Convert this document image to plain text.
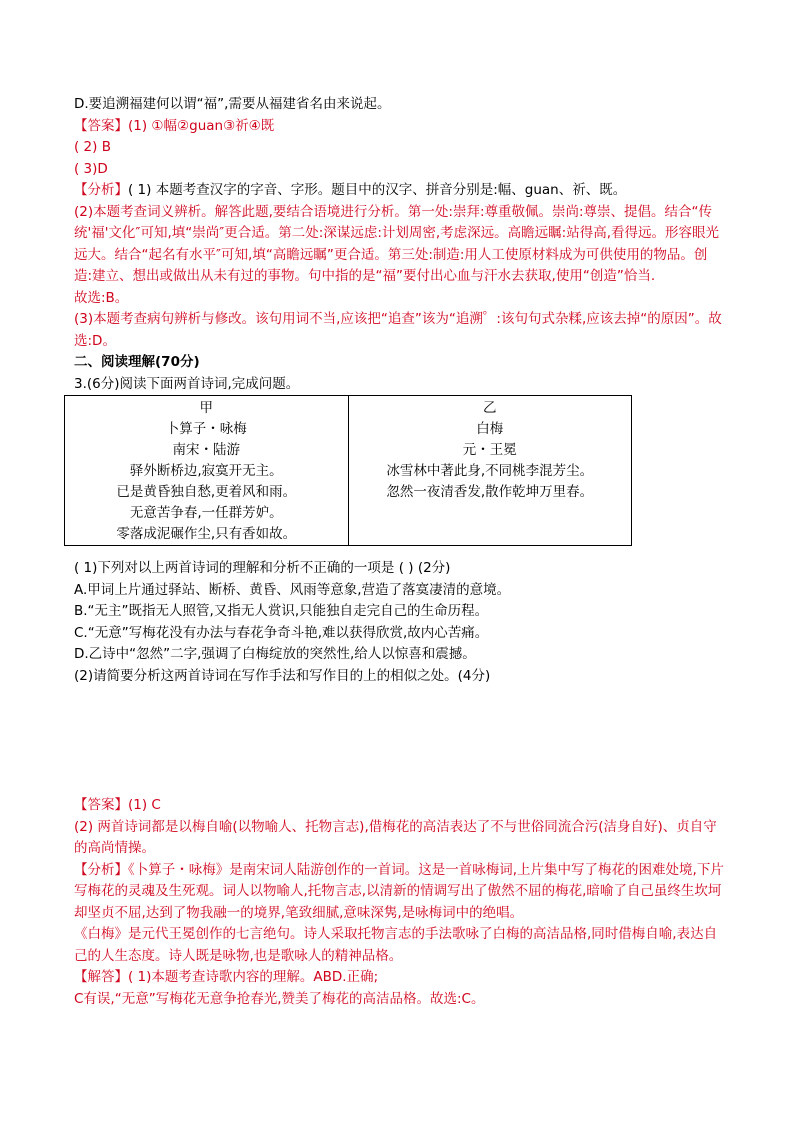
D.要追溯福建何以谓“福”,需要从福建省名由来说起。
【答案】(1) ①幅②guan③祈④既
( 2) B
( 3)D
【分析】( 1) 本题考查汉字的字音、字形。题目中的汉字、拼音分别是:幅、guan、祈、既。
(2)本题考查词义辨析。解答此题,要结合语境进行分析。第一处:崇拜:尊重敬佩。崇尚:尊崇、提倡。结合“传统'福'文化″可知,填“崇尚″更合适。第二处:深谋远虑:计划周密,考虑深远。高瞻远瞩:站得高,看得远。形容眼光远大。结合“起名有水平″可知,填“高瞻远瞩”更合适。第三处:制造:用人工使原材料成为可供使用的物品。创造:建立、想出或做出从未有过的事物。句中指的是“福”要付出心血与汗水去获取,使用“创造”恰当.
故选:B。
(3)本题考查病句辨析与修改。该句用词不当,应该把“追查”该为“追溯゜:该句句式杂糅,应该去掉“的原因”。故选:D。
二、阅读理解(70分)
3.(6分)阅读下面两首诗词,完成问题。
甲
卜算子・咏梅
南宋・陆游
驿外断桥边,寂寞开无主。
已是黄昏独自愁,更着风和雨。
无意苦争春,一任群芳妒。
零落成泥碾作尘,只有香如故。

乙
白梅
元・王冕
冰雪林中著此身,不同桃李混芳尘。
忽然一夜清香发,散作乾坤万里春。
( 1)下列对以上两首诗词的理解和分析不正确的一项是 ( ) (2分)
A.甲词上片通过驿站、断桥、黄昏、风雨等意象,营造了落寞凄清的意境。
B.“无主”既指无人照管,又指无人赏识,只能独自走完自己的生命历程。
C.“无意”写梅花没有办法与春花争奇斗艳,难以获得欣赏,故内心苦痛。
D.乙诗中“忽然”二字,强调了白梅绽放的突然性,给人以惊喜和震撼。
(2)请简要分析这两首诗词在写作手法和写作目的上的相似之处。(4分)
【答案】(1) C
(2) 两首诗词都是以梅自喻(以物喻人、托物言志),借梅花的高洁表达了不与世俗同流合污(洁身自好)、贞自守的高尚情操。
【分析】《卜算子・咏梅》是南宋词人陆游创作的一首词。这是一首咏梅词,上片集中写了梅花的困难处境,下片写梅花的灵魂及生死观。词人以物喻人,托物言志,以清新的情调写出了傲然不屈的梅花,暗喻了自己虽终生坎坷却坚贞不屈,达到了物我融一的境界,笔致细腻,意味深隽,是咏梅词中的绝唱。
《白梅》是元代王冕创作的七言绝句。诗人采取托物言志的手法歌咏了白梅的高洁品格,同时借梅自喻,表达自己的人生态度。诗人既是咏物,也是歌咏人的精神品格。
【解答】( 1)本题考查诗歌内容的理解。ABD.正确;
C有误,“无意”写梅花无意争抢春光,赞美了梅花的高洁品格。故选:C。
